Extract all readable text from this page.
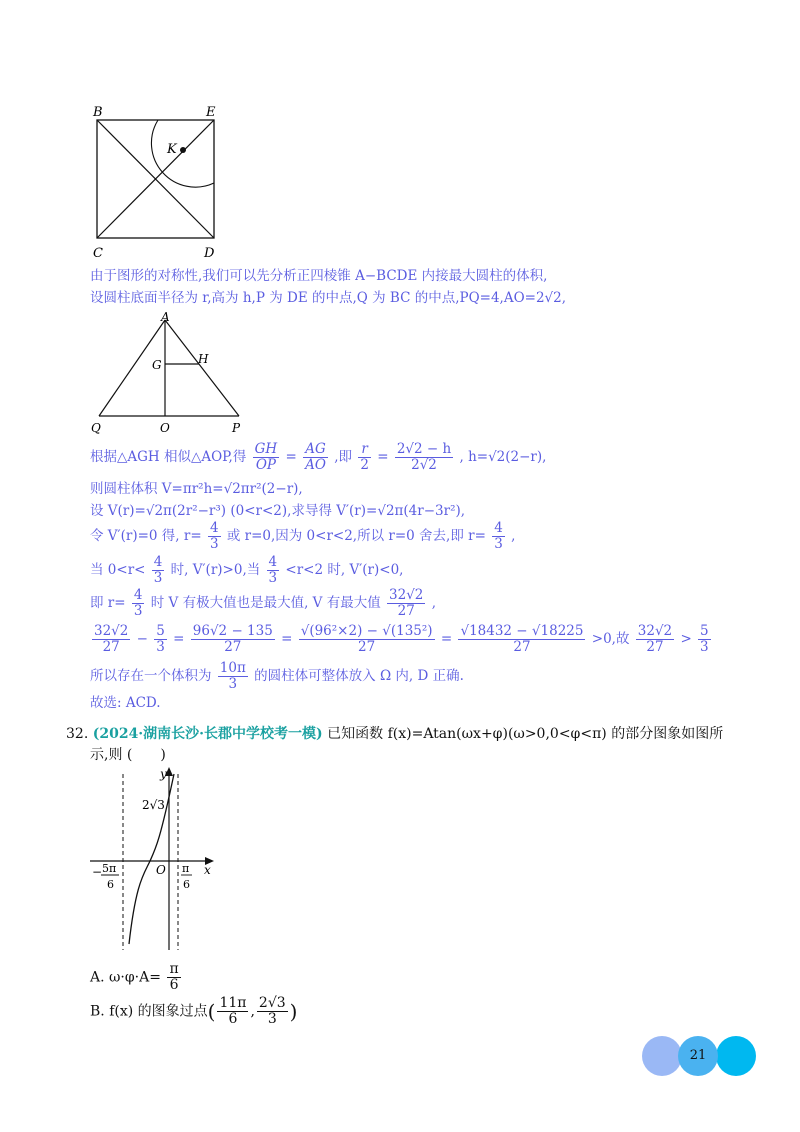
B	E
C	D
K
由于图形的对称性,我们可以先分析正四棱锥 A−BCDE 内接最大圆柱的体积,
设圆柱底面半径为 r,高为 h,P 为 DE 的中点,Q 为 BC 的中点,PQ=4,AO=2√2,
A
G	H
Q	O	P
根据△AGH 相似△AOP,得 $\frac{GH}{OP} = \frac{AG}{AO}$ ,即 $\frac{r}{2} = \frac{2√2 - h}{2√2}$ , h=√2(2−r),
则圆柱体积 V=πr²h=√2πr²(2−r),
设 V(r)=√2π(2r²−r³) (0<r<2),求导得 V′(r)=√2π(4r−3r²),
令 V′(r)=0 得, $r= \frac{4}{3}$ 或 r=0,因为 0<r<2,所以 r=0 舍去,即 $r= \frac{4}{3}$ ,
当 $0<r< \frac{4}{3}$ 时, V′(r)>0,当 $\frac{4}{3} <r<2$ 时, V′(r)<0,
即 $r= \frac{4}{3}$ 时 V 有极大值也是最大值, V 有最大值 $\frac{32√2}{27}$ ,
$\frac{32√2}{27} - \frac{5}{3} = \frac{96√2 - 135}{27} = \frac{\text{√(96²×2) − √(135²)}}{27} = \frac{√18432 - √18225}{27} >0$,故 $\frac{32√2}{27} > \frac{5}{3}$
所以存在一个体积为 $\frac{10\pi}{3}$ 的圆柱体可整体放入 Ω 内, D 正确.
故选: ACD.
32. (2024·湖南长沙·长郡中学校考一模) 已知函数 f(x)=Atan(ωx+φ)(ω>0,0<φ<π) 的部分图象如图所
示,则 (　　)
y
x
O
2√3
− 5π
6
π
6
A. $\omega\cdot\varphi\cdot A= \frac{\pi}{6}$
B. f(x) 的图象过点( $\frac{11\pi}{6}$ , $\frac{2√3}{3}$ )
21
